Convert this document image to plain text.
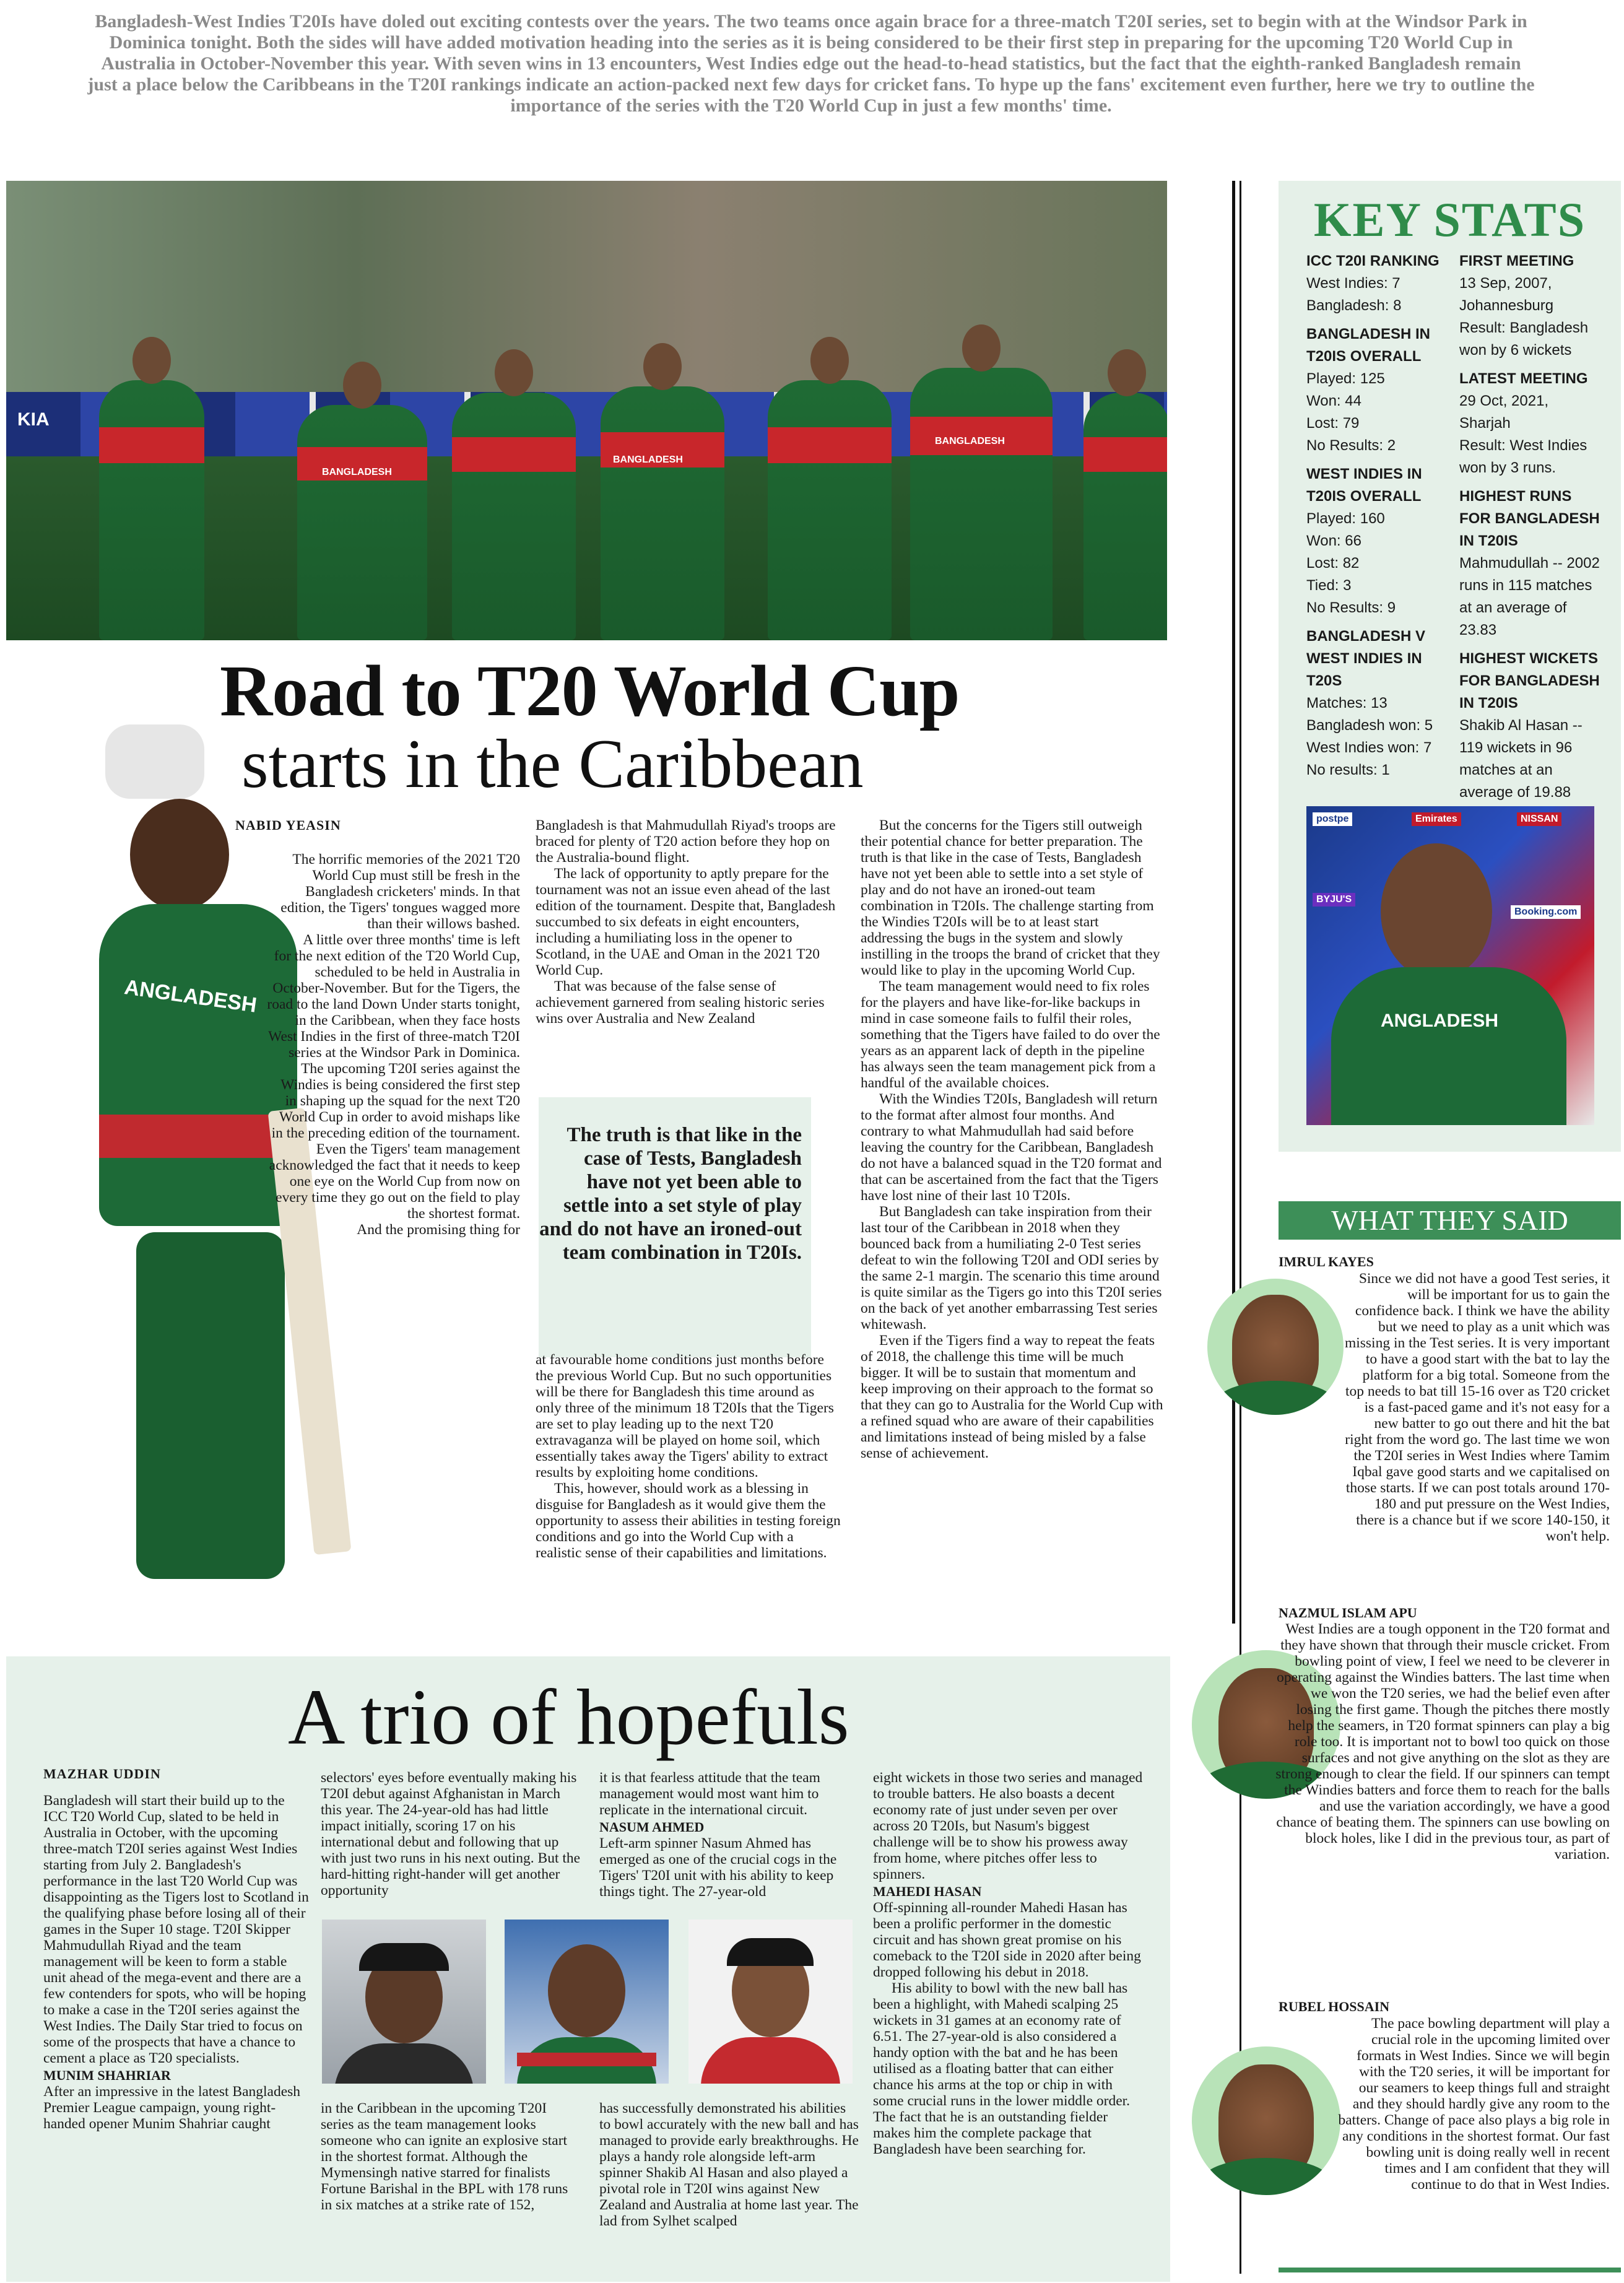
Bangladesh-West Indies T20Is have doled out exciting contests over the years. The two teams once again brace for a three-match T20I series, set to begin with at the Windsor Park in Dominica tonight. Both the sides will have added motivation heading into the series as it is being considered to be their first step in preparing for the upcoming T20 World Cup in Australia in October-November this year. With seven wins in 13 encounters, West Indies edge out the head-to-head statistics, but the fact that the eighth-ranked Bangladesh remain just a place below the Caribbeans in the T20I rankings indicate an action-packed next few days for cricket fans. To hype up the fans' excitement even further, here we try to outline the importance of the series with the T20 World Cup in just a few months' time.
KIA
BANGLADESH
BANGLADESH
BANGLADESH
Road to T20 World Cup
starts in the Caribbean
ANGLADESH
NABID YEASIN

The horrific memories of the 2021 T20 World Cup must still be fresh in the Bangladesh cricketers' minds. In that edition, the Tigers' tongues wagged more than their willows bashed.

A little over three months' time is left for the next edition of the T20 World Cup, scheduled to be held in Australia in October-November. But for the Tigers, the road to the land Down Under starts tonight, in the Caribbean, when they face hosts West Indies in the first of three-match T20I series at the Windsor Park in Dominica.

The upcoming T20I series against the Windies is being considered the first step in shaping up the squad for the next T20 World Cup in order to avoid mishaps like in the preceding edition of the tournament.

Even the Tigers' team management acknowledged the fact that it needs to keep one eye on the World Cup from now on every time they go out on the field to play the shortest format.

And the promising thing for

Bangladesh is that Mahmudullah Riyad's troops are braced for plenty of T20 action before they hop on the Australia-bound flight.

The lack of opportunity to aptly prepare for the tournament was not an issue even ahead of the last edition of the tournament. Despite that, Bangladesh succumbed to six defeats in eight encounters, including a humiliating loss in the opener to Scotland, in the UAE and Oman in the 2021 T20 World Cup.

That was because of the false sense of achievement garnered from sealing historic series wins over Australia and New Zealand

The truth is that like in the case of Tests, Bangladesh have not yet been able to settle into a set style of play and do not have an ironed-out team combination in T20Is.

at favourable home conditions just months before the previous World Cup. But no such opportunities will be there for Bangladesh this time around as only three of the minimum 18 T20Is that the Tigers are set to play leading up to the next T20 extravaganza will be played on home soil, which essentially takes away the Tigers' ability to extract results by exploiting home conditions.

This, however, should work as a blessing in disguise for Bangladesh as it would give them the opportunity to assess their abilities in testing foreign conditions and go into the World Cup with a realistic sense of their capabilities and limitations.

But the concerns for the Tigers still outweigh their potential chance for better preparation. The truth is that like in the case of Tests, Bangladesh have not yet been able to settle into a set style of play and do not have an ironed-out team combination in T20Is. The challenge starting from the Windies T20Is will be to at least start addressing the bugs in the system and slowly instilling in the troops the brand of cricket that they would like to play in the upcoming World Cup.

The team management would need to fix roles for the players and have like-for-like backups in mind in case someone fails to fulfil their roles, something that the Tigers have failed to do over the years as an apparent lack of depth in the pipeline has always seen the team management pick from a handful of the available choices.

With the Windies T20Is, Bangladesh will return to the format after almost four months. And contrary to what Mahmudullah had said before leaving the country for the Caribbean, Bangladesh do not have a balanced squad in the T20 format and that can be ascertained from the fact that the Tigers have lost nine of their last 10 T20Is.

But Bangladesh can take inspiration from their last tour of the Caribbean in 2018 when they bounced back from a humiliating 2-0 Test series defeat to win the following T20I and ODI series by the same 2-1 margin. The scenario this time around is quite similar as the Tigers go into this T20I series on the back of yet another embarrassing Test series whitewash.

Even if the Tigers find a way to repeat the feats of 2018, the challenge this time will be much bigger. It will be to sustain that momentum and keep improving on their approach to the format so that they can go to Australia for the World Cup with a refined squad who are aware of their capabilities and limitations instead of being misled by a false sense of achievement.

KEY STATS
ICC T20I RANKING
West Indies: 7
Bangladesh: 8
BANGLADESH IN T20IS OVERALL
Played: 125
Won: 44
Lost: 79
No Results: 2
WEST INDIES IN T20IS OVERALL
Played: 160
Won: 66
Lost: 82
Tied: 3
No Results: 9
BANGLADESH V WEST INDIES IN T20S
Matches: 13
Bangladesh won: 5
West Indies won: 7
No results: 1
FIRST MEETING
13 Sep, 2007, Johannesburg
Result: Bangladesh won by 6 wickets
LATEST MEETING
29 Oct, 2021, Sharjah
Result: West Indies won by 3 runs.
HIGHEST RUNS FOR BANGLADESH IN T20IS
Mahmudullah -- 2002 runs in 115 matches at an average of 23.83
HIGHEST WICKETS FOR BANGLADESH IN T20IS
Shakib Al Hasan -- 119 wickets in 96 matches at an average of 19.88
ANGLADESH
postpe	Emirates	NISSAN
BYJU'S
Booking.com
WHAT THEY SAID
IMRUL KAYES
Since we did not have a good Test series, it will be important for us to gain the confidence back. I think we have the ability but we need to play as a unit which was missing in the Test series. It is very important to have a good start with the bat to lay the platform for a big total. Someone from the top needs to bat till 15-16 over as T20 cricket is a fast-paced game and it's not easy for a new batter to go out there and hit the bat right from the word go. The last time we won the T20I series in West Indies where Tamim Iqbal gave good starts and we capitalised on those starts. If we can post totals around 170-180 and put pressure on the West Indies, there is a chance but if we score 140-150, it won't help.
NAZMUL ISLAM APU
West Indies are a tough opponent in the T20 format and they have shown that through their muscle cricket. From bowling point of view, I feel we need to be cleverer in operating against the Windies batters. The last time when we won the T20 series, we had the belief even after losing the first game. Though the pitches there mostly help the seamers, in T20 format spinners can play a big role too. It is important not to bowl too quick on those surfaces and not give anything on the slot as they are strong enough to clear the field. If our spinners can tempt the Windies batters and force them to reach for the balls and use the variation accordingly, we have a good chance of beating them. The spinners can use bowling on block holes, like I did in the previous tour, as part of variation.
RUBEL HOSSAIN
The pace bowling department will play a crucial role in the upcoming limited over formats in West Indies. Since we will begin with the T20 series, it will be important for our seamers to keep things full and straight and they should hardly give any room to the batters. Change of pace also plays a big role in any conditions in the shortest format. Our fast bowling unit is doing really well in recent times and I am confident that they will continue to do that in West Indies.
A trio of hopefuls
MAZHAR UDDIN

Bangladesh will start their build up to the ICC T20 World Cup, slated to be held in Australia in October, with the upcoming three-match T20I series against West Indies starting from July 2. Bangladesh's performance in the last T20 World Cup was disappointing as the Tigers lost to Scotland in the qualifying phase before losing all of their games in the Super 10 stage. T20I Skipper Mahmudullah Riyad and the team management will be keen to form a stable unit ahead of the mega-event and there are a few contenders for spots, who will be hoping to make a case in the T20I series against the West Indies. The Daily Star tried to focus on some of the prospects that have a chance to cement a place as T20 specialists.

MUNIM SHAHRIAR

After an impressive in the latest Bangladesh Premier League campaign, young right-handed opener Munim Shahriar caught

selectors' eyes before eventually making his T20I debut against Afghanistan in March this year. The 24-year-old has had little impact initially, scoring 17 on his international debut and following that up with just two runs in his next outing. But the hard-hitting right-hander will get another opportunity

it is that fearless attitude that the team management would most want him to replicate in the international circuit.

NASUM AHMED

Left-arm spinner Nasum Ahmed has emerged as one of the crucial cogs in the Tigers' T20I unit with his ability to keep things tight. The 27-year-old

in the Caribbean in the upcoming T20I series as the team management looks someone who can ignite an explosive start in the shortest format. Although the Mymensingh native starred for finalists Fortune Barishal in the BPL with 178 runs in six matches at a strike rate of 152,

has successfully demonstrated his abilities to bowl accurately with the new ball and has managed to provide early breakthroughs. He plays a handy role alongside left-arm spinner Shakib Al Hasan and also played a pivotal role in T20I wins against New Zealand and Australia at home last year. The lad from Sylhet scalped

eight wickets in those two series and managed to trouble batters. He also boasts a decent economy rate of just under seven per over across 20 T20Is, but Nasum's biggest challenge will be to show his prowess away from home, where pitches offer less to spinners.

MAHEDI HASAN

Off-spinning all-rounder Mahedi Hasan has been a prolific performer in the domestic circuit and has shown great promise on his comeback to the T20I side in 2020 after being dropped following his debut in 2018.

His ability to bowl with the new ball has been a highlight, with Mahedi scalping 25 wickets in 31 games at an economy rate of 6.51. The 27-year-old is also considered a handy option with the bat and he has been utilised as a floating batter that can either chance his arms at the top or chip in with some crucial runs in the lower middle order. The fact that he is an outstanding fielder makes him the complete package that Bangladesh have been searching for.
